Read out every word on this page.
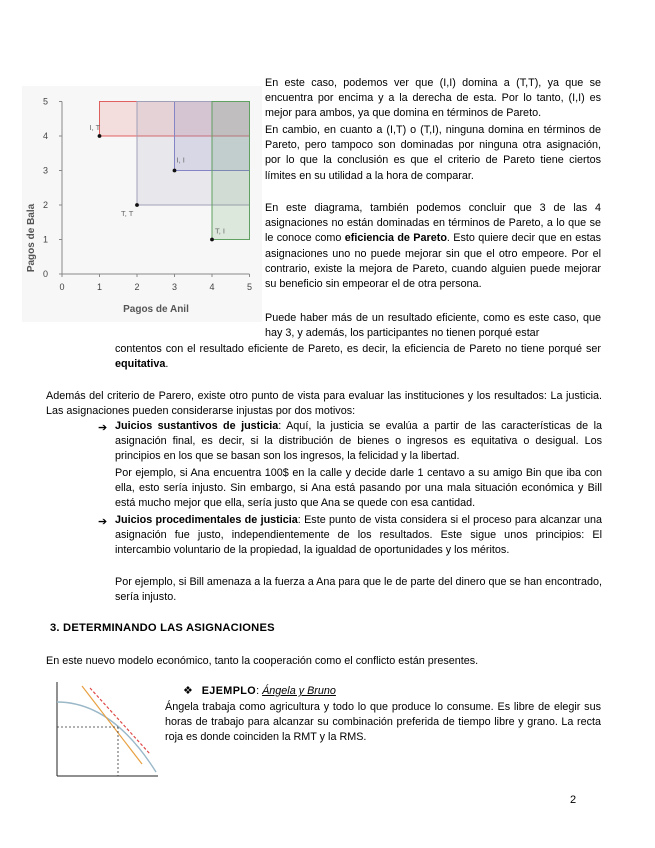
0	1	2	3	4	5
0
1
2
3
4
5
I, T
I, I
T, T
T, I
Pagos de Bala
Pagos de Anil
En este caso, podemos ver que (I,I) domina a (T,T), ya que se encuentra por encima y a la derecha de esta. Por lo tanto, (I,I) es mejor para ambos, ya que domina en términos de Pareto.
En cambio, en cuanto a (I,T) o (T,I), ninguna domina en términos de Pareto, pero tampoco son dominadas por ninguna otra asignación, por lo que la conclusión es que el criterio de Pareto tiene ciertos límites en su utilidad a la hora de comparar.
En este diagrama, también podemos concluir que 3 de las 4 asignaciones no están dominadas en términos de Pareto, a lo que se le conoce como eficiencia de Pareto. Esto quiere decir que en estas asignaciones uno no puede mejorar sin que el otro empeore. Por el contrario, existe la mejora de Pareto, cuando alguien puede mejorar su beneficio sin empeorar el de otra persona.
Puede haber más de un resultado eficiente, como es este caso, que hay 3, y además, los participantes no tienen porqué estar
contentos con el resultado eficiente de Pareto, es decir, la eficiencia de Pareto no tiene porqué ser equitativa.
Además del criterio de Parero, existe otro punto de vista para evaluar las instituciones y los resultados: La justicia. Las asignaciones pueden considerarse injustas por dos motivos:
➔ Juicios sustantivos de justicia: Aquí, la justicia se evalúa a partir de las características de la asignación final, es decir, si la distribución de bienes o ingresos es equitativa o desigual. Los principios en los que se basan son los ingresos, la felicidad y la libertad.
Por ejemplo, si Ana encuentra 100$ en la calle y decide darle 1 centavo a su amigo Bin que iba con ella, esto sería injusto. Sin embargo, si Ana está pasando por una mala situación económica y Bill está mucho mejor que ella, sería justo que Ana se quede con esa cantidad.
➔ Juicios procedimentales de justicia: Este punto de vista considera si el proceso para alcanzar una asignación fue justo, independientemente de los resultados. Este sigue unos principios: El intercambio voluntario de la propiedad, la igualdad de oportunidades y los méritos.
Por ejemplo, si Bill amenaza a la fuerza a Ana para que le de parte del dinero que se han encontrado, sería injusto.
3. DETERMINANDO LAS ASIGNACIONES
En este nuevo modelo económico, tanto la cooperación como el conflicto están presentes.
❖ EJEMPLO: Ángela y Bruno
Ángela trabaja como agricultura y todo lo que produce lo consume. Es libre de elegir sus horas de trabajo para alcanzar su combinación preferida de tiempo libre y grano. La recta roja es donde coinciden la RMT y la RMS.
2
